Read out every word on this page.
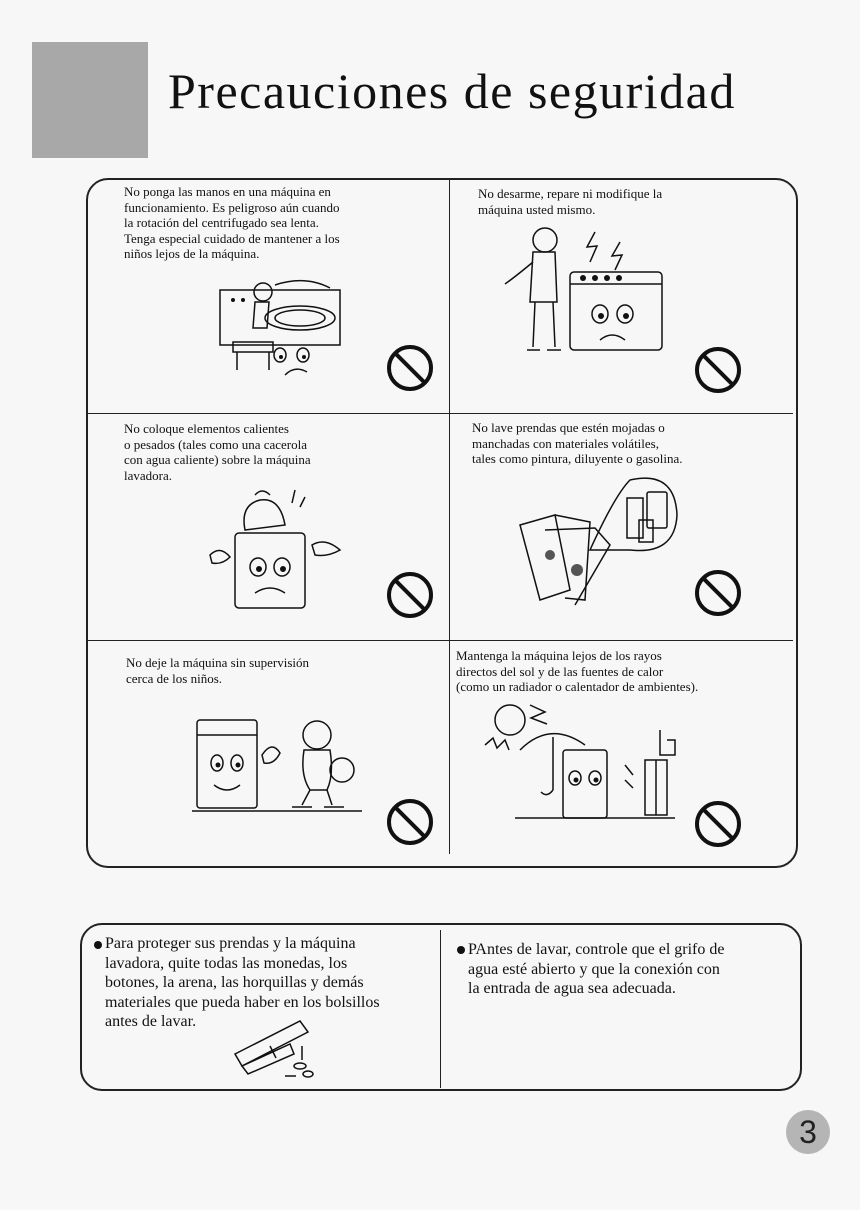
Precauciones de seguridad
No ponga las manos en una máquina en
funcionamiento. Es peligroso aún cuando
la rotación del centrifugado sea lenta.
Tenga especial cuidado de mantener a los
niños lejos de la máquina.
No desarme, repare ni modifique la
máquina usted mismo.
No coloque elementos calientes
o pesados (tales como una cacerola
con agua caliente) sobre la máquina
lavadora.
No lave prendas que estén mojadas o
manchadas con materiales volátiles,
tales como pintura, diluyente o gasolina.
No deje la máquina sin supervisión
cerca de los niños.
Mantenga la máquina lejos de los rayos
directos del sol y de las fuentes de calor
(como un radiador o calentador de ambientes).
Para proteger sus prendas y la máquina
lavadora, quite todas las monedas, los
botones, la arena, las horquillas y demás
materiales que pueda haber en los bolsillos
antes de lavar.
PAntes de lavar, controle que el grifo de
agua esté abierto y que la conexión con
la entrada de agua sea adecuada.
3
